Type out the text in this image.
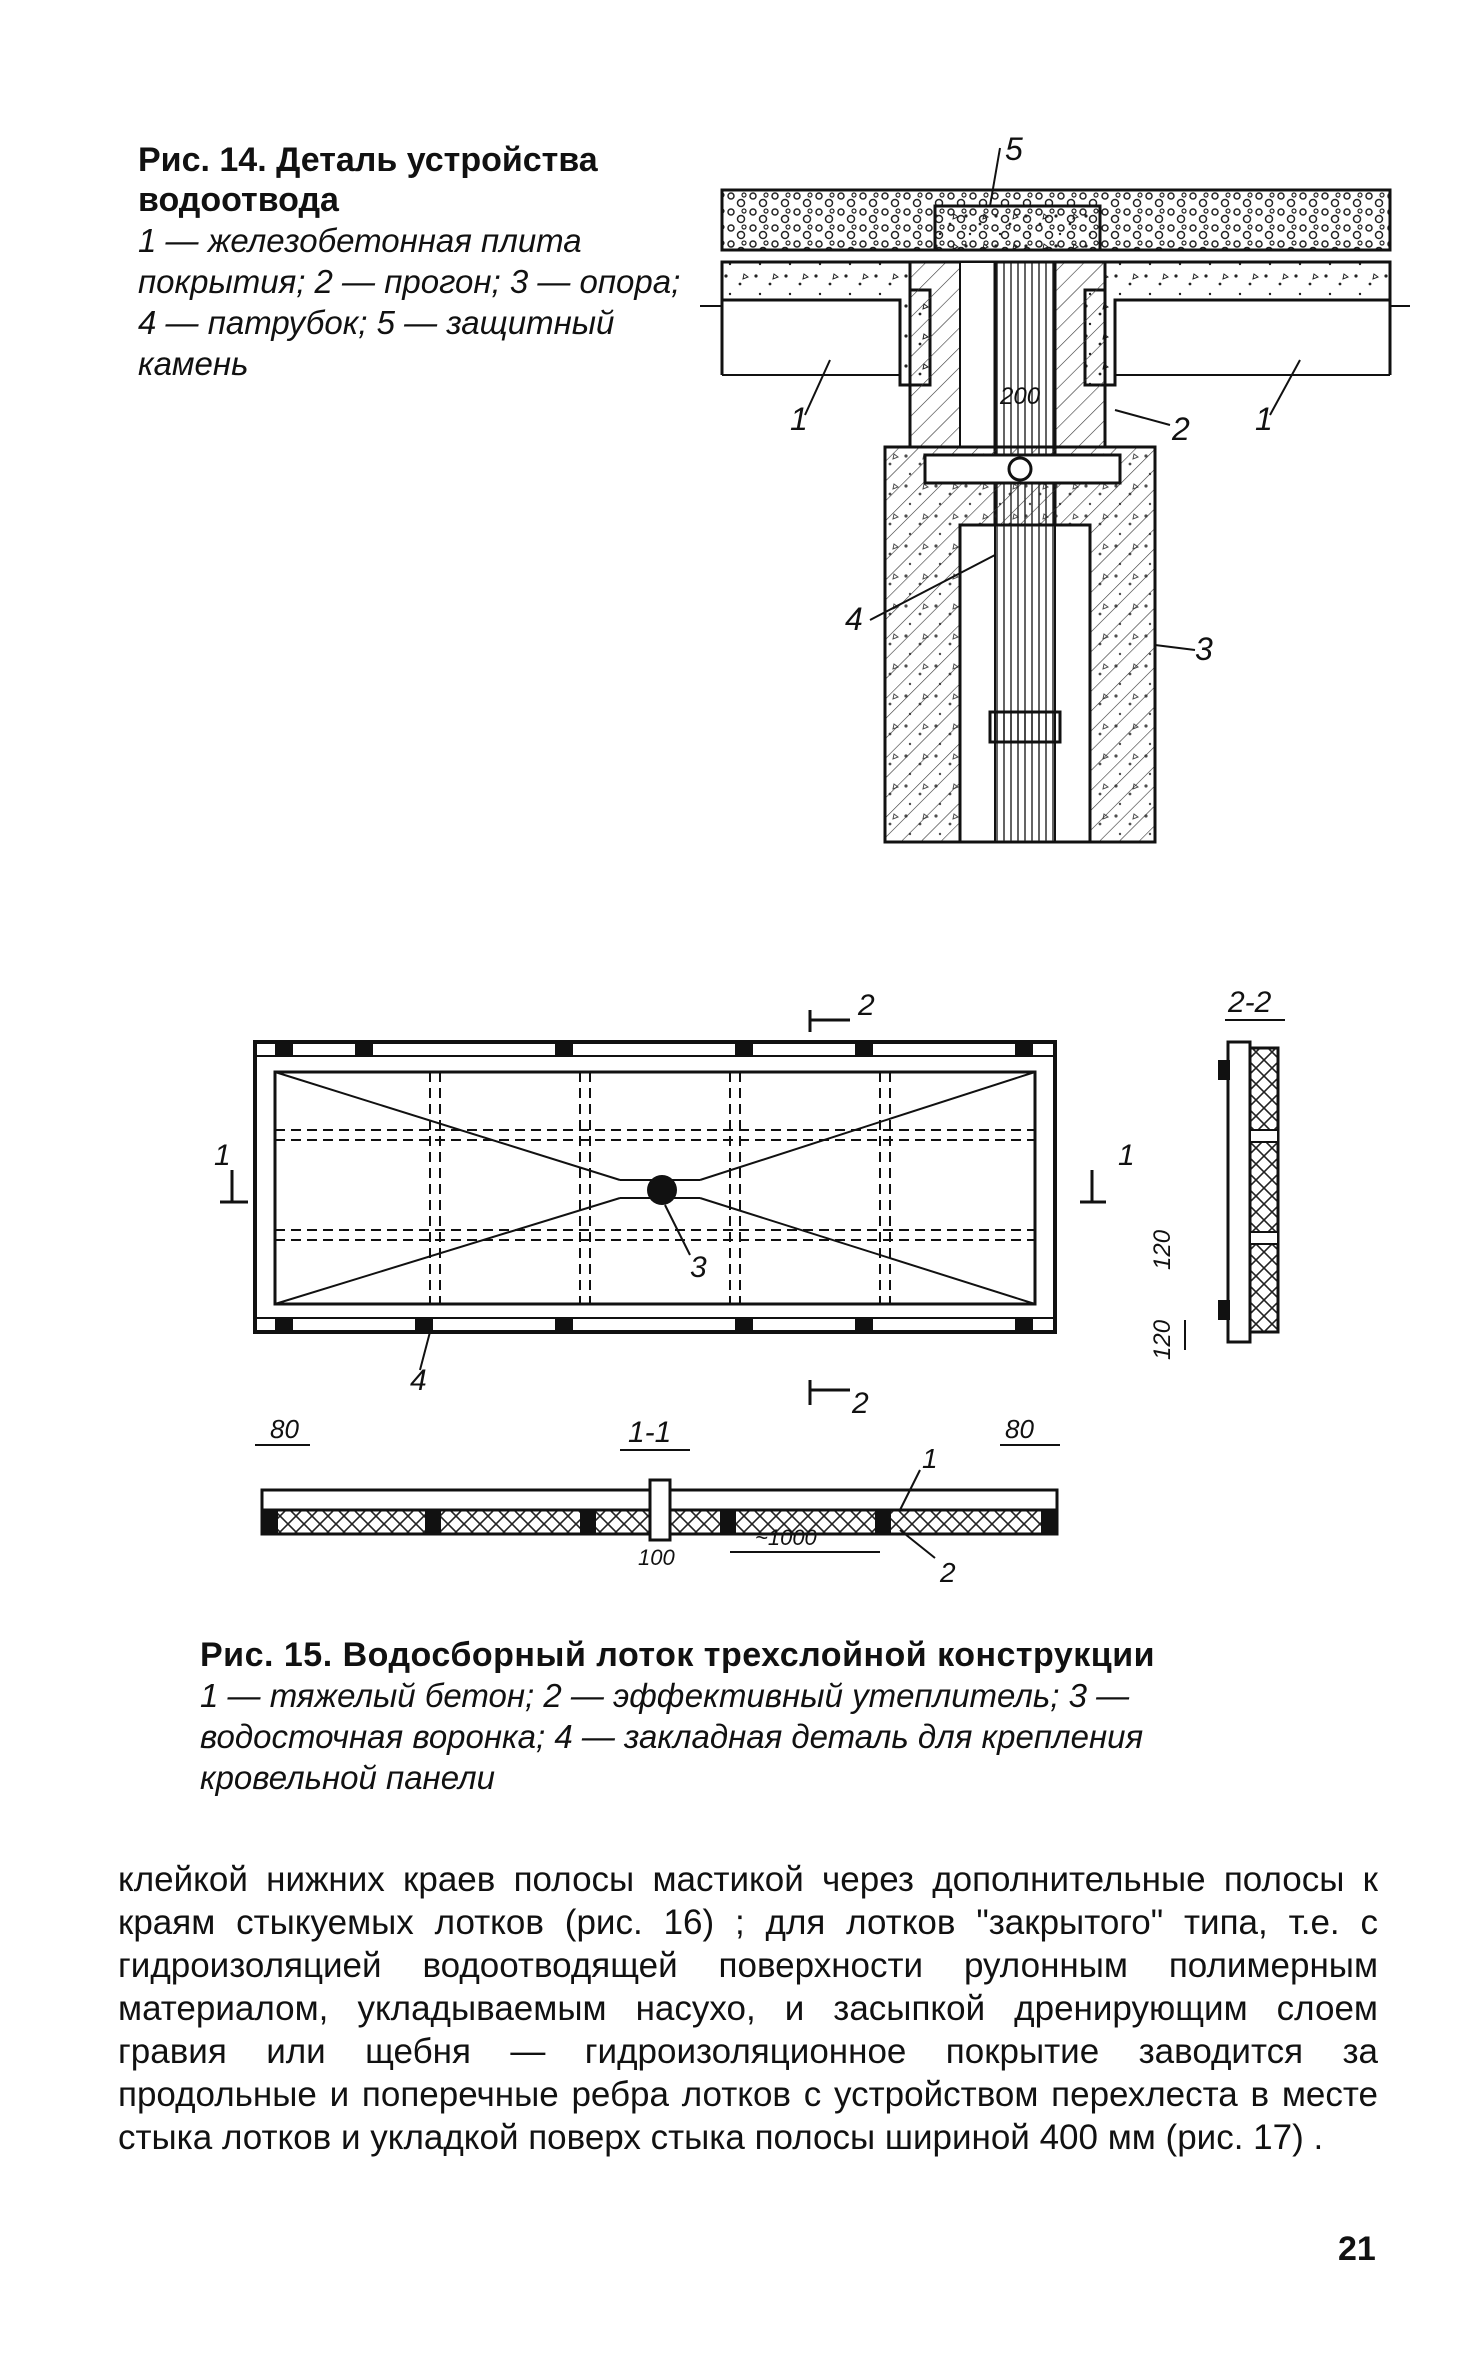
Рис. 14. Деталь устройства водоотвода
1 — железобетонная плита покрытия; 2 — прогон; 3 — опора; 4 — патрубок; 5 — защитный камень
5
1	1
2
3
4
200
2
2
1	1
3
4
2-2
120
120
1-1
80	80
1
2
100
~1000
Рис. 15. Водосборный лоток трехслойной конструкции
1 — тяжелый бетон; 2 — эффективный утеплитель; 3 — водосточная воронка; 4 — закладная деталь для крепления кровельной панели
клейкой нижних краев полосы мастикой через дополнительные полосы к краям стыкуемых лотков (рис. 16) ; для лотков "закрытого" типа, т.е. с гидроизоляцией водоотводящей поверхности рулонным полимерным материалом, укладываемым насухо, и засыпкой дренирующим слоем гравия или щебня — гидроизоляционное покрытие заводится за продольные и поперечные ребра лотков с устройством перехлеста в месте стыка лотков и укладкой поверх стыка полосы шириной 400 мм (рис. 17) .
21
